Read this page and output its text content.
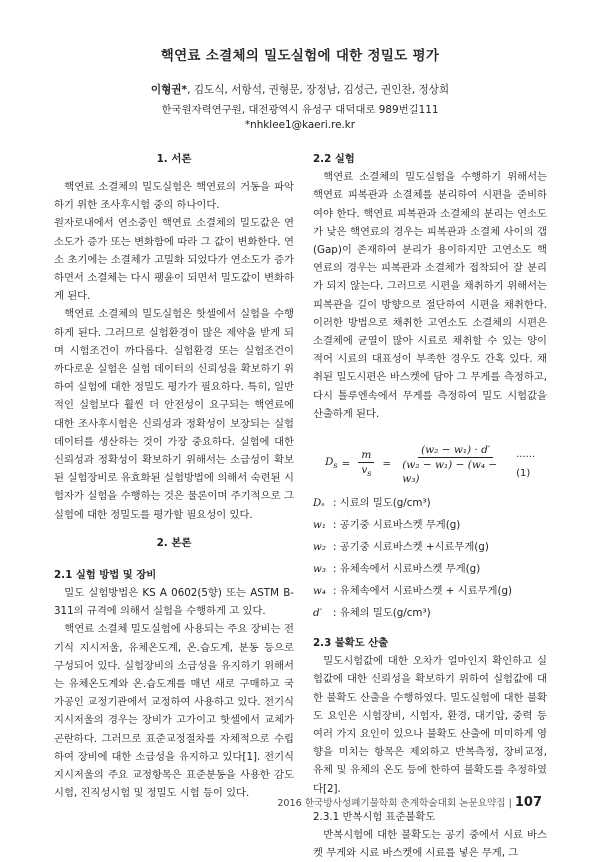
핵연료 소결체의 밀도실험에 대한 정밀도 평가
이형권*, 김도식, 서항석, 권형문, 장정남, 김성근, 권인찬, 정상희
한국원자력연구원, 대전광역시 유성구 대덕대로 989번길111
*nhklee1@kaeri.re.kr
1. 서론

핵연료 소결체의 밀도실험은 핵연료의 거동을 파악하기 위한 조사후시험 중의 하나이다.

원자로내에서 연소중인 핵연료 소결체의 밀도값은 연소도가 증가 또는 변화함에 따라 그 값이 변화한다. 연소 초기에는 소결체가 고밀화 되었다가 연소도가 증가하면서 소결체는 다시 팽윤이 되면서 밀도값이 변화하게 된다.

핵연료 소결체의 밀도실험은 핫셀에서 실험을 수행하게 된다. 그러므로 실험환경이 많은 제약을 받게 되며 시험조건이 까다롭다. 실험환경 또는 실험조건이 까다로운 실험은 실험 데이터의 신뢰성을 확보하기 위하여 실험에 대한 정밀도 평가가 필요하다. 특히, 일반적인 실험보다 훨씬 더 안전성이 요구되는 핵연료에 대한 조사후시험은 신뢰성과 정확성이 보장되는 실험데이터를 생산하는 것이 가장 중요하다. 실험에 대한 신뢰성과 정확성이 확보하기 위해서는 소급성이 확보된 실험장비로 유효화된 실험방법에 의해서 숙련된 시험자가 실험을 수행하는 것은 물론이며 주기적으로 그 실험에 대한 정밀도를 평가할 필요성이 있다.

2. 본론
2.1 실험 방법 및 장비

밀도 실험방법은 KS A 0602(5향) 또는 ASTM B-311의 규격에 의해서 실험을 수행하게 고 있다.

핵연료 소결체 밀도실험에 사용되는 주요 장비는 전기식 지시저울, 유체온도계, 온.습도계, 분동 등으로 구성되어 있다. 실험장비의 소급성을 유지하기 위해서는 유체온도계와 온.습도계를 매년 새로 구매하고 국가공인 교정기관에서 교정하여 사용하고 있다. 전기식지시저울의 경우는 장비가 고가이고 핫셀에서 교체가 곤란하다. 그러므로 표준교정절차를 자체적으로 수립하여 장비에 대한 소급성을 유지하고 있다[1]. 전기식지시저울의 주요 교정항목은 표준분동을 사용한 감도시험, 진직성시험 및 정밀도 시험 등이 있다.

2.2 실험

핵연료 소결체의 밀도실험을 수행하기 위해서는 핵연료 피복관과 소결체를 분리하여 시편을 준비하여야 한다. 핵연료 피복관과 소결체의 분리는 연소도가 낮은 핵연료의 경우는 피복관과 소결체 사이의 갭(Gap)이 존재하여 분리가 용이하지만 고연소도 핵연료의 경우는 피복관과 소결체가 접착되어 잘 분리가 되지 않는다. 그러므로 시편을 채취하기 위해서는 피복관을 길이 방향으로 절단하여 시편을 채취한다. 이러한 방법으로 채취한 고연소도 소결체의 시편은 소결체에 균열이 많아 시료로 채취할 수 있는 양이 적어 시료의 대표성이 부족한 경우도 간혹 있다. 채취된 밀도시편은 바스켓에 담아 그 무게를 측정하고, 다시 톨루엔속에서 무게를 측정하여 밀도 시험값을 산출하게 된다.

$D_s = \frac{m}{v_s} = \frac{\text{(w₂ − w₁) · d′}}{\text{(w₂ − w₁) − (w₄ − w₃)}} ......(1)$
Dₛ : 시료의 밀도(g/cm³)
w₁ : 공기중 시료바스켓 무게(g)
w₂ : 공기중 시료바스켓 +시료무게(g)
w₃ : 유체속에서 시료바스켓 무게(g)
w₄ : 유체속에서 시료바스켓 + 시료무게(g)
d′	: 유체의 밀도(g/cm³)
2.3 불확도 산출

밀도시험값에 대한 오차가 얼마인지 확인하고 실험값에 대한 신뢰성을 확보하기 위하여 실험값에 대한 불확도 산출을 수행하였다. 밀도실험에 대한 불확도 요인은 시험장비, 시험자, 환경, 대기압, 중력 등 여러 가지 요인이 있으나 불확도 산출에 미미하게 영향을 미치는 항목은 제외하고 반복측정, 장비교정, 유체 및 유체의 온도 등에 한하여 불확도를 추정하였다[2].

2.3.1 반복시험 표준불확도

반복시험에 대한 불확도는 공기 중에서 시료 바스켓 무게와 시료 바스켓에 시료를 넣은 무게, 그

2016 한국방사성폐기물학회 춘계학술대회 논문요약집 | 107
